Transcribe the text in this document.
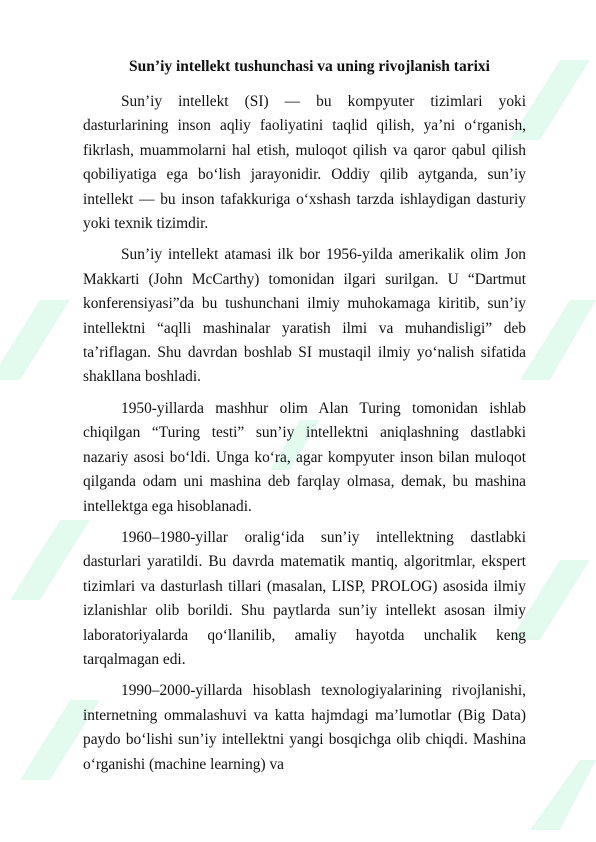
Sun’iy intellekt tushunchasi va uning rivojlanish tarixi

Sun’iy intellekt (SI) — bu kompyuter tizimlari yoki dasturlarining inson aqliy faoliyatini taqlid qilish, ya’ni o‘rganish, fikrlash, muammolarni hal etish, muloqot qilish va qaror qabul qilish qobiliyatiga ega bo‘lish jarayonidir. Oddiy qilib aytganda, sun’iy intellekt — bu inson tafakkuriga o‘xshash tarzda ishlaydigan dasturiy yoki texnik tizimdir.

Sun’iy intellekt atamasi ilk bor 1956-yilda amerikalik olim Jon Makkarti (John McCarthy) tomonidan ilgari surilgan. U “Dartmut konferensiyasi”da bu tushunchani ilmiy muhokamaga kiritib, sun’iy intellektni “aqlli mashinalar yaratish ilmi va muhandisligi” deb ta’riflagan. Shu davrdan boshlab SI mustaqil ilmiy yo‘nalish sifatida shakllana boshladi.

1950-yillarda mashhur olim Alan Turing tomonidan ishlab chiqilgan “Turing testi” sun’iy intellektni aniqlashning dastlabki nazariy asosi bo‘ldi. Unga ko‘ra, agar kompyuter inson bilan muloqot qilganda odam uni mashina deb farqlay olmasa, demak, bu mashina intellektga ega hisoblanadi.

1960–1980-yillar oralig‘ida sun’iy intellektning dastlabki dasturlari yaratildi. Bu davrda matematik mantiq, algoritmlar, ekspert tizimlari va dasturlash tillari (masalan, LISP, PROLOG) asosida ilmiy izlanishlar olib borildi. Shu paytlarda sun’iy intellekt asosan ilmiy laboratoriyalarda qo‘llanilib, amaliy hayotda unchalik keng tarqalmagan edi.

1990–2000-yillarda hisoblash texnologiyalarining rivojlanishi, internetning ommalashuvi va katta hajmdagi ma’lumotlar (Big Data) paydo bo‘lishi sun’iy intellektni yangi bosqichga olib chiqdi. Mashina o‘rganishi (machine learning) va
